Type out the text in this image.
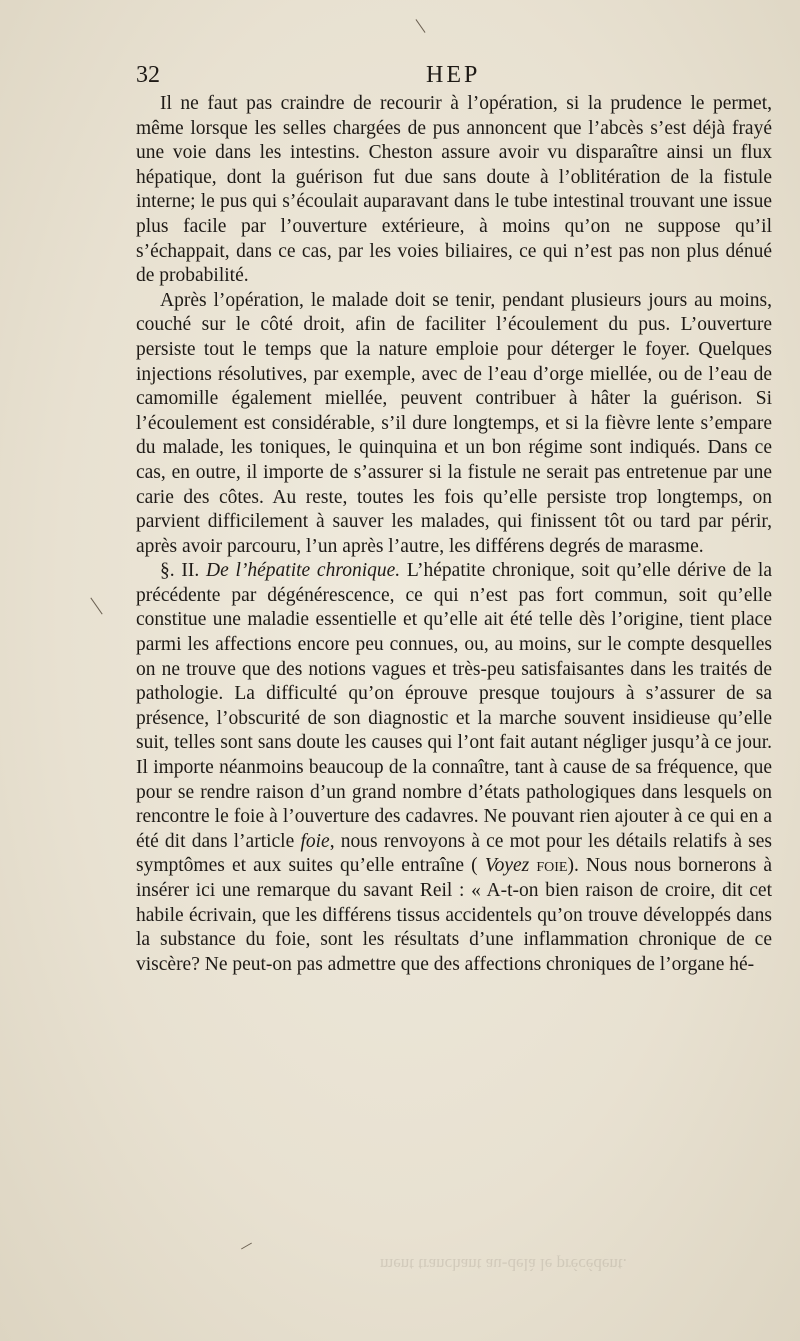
32	HEP

Il ne faut pas craindre de recourir à l’opération, si la prudence le permet, même lorsque les selles chargées de pus annoncent que l’abcès s’est déjà frayé une voie dans les intestins. Cheston assure avoir vu disparaître ainsi un flux hépatique, dont la guérison fut due sans doute à l’oblitération de la fistule interne; le pus qui s’écoulait auparavant dans le tube intestinal trouvant une issue plus facile par l’ouverture extérieure, à moins qu’on ne suppose qu’il s’échappait, dans ce cas, par les voies biliaires, ce qui n’est pas non plus dénué de probabilité.

Après l’opération, le malade doit se tenir, pendant plusieurs jours au moins, couché sur le côté droit, afin de faciliter l’écoulement du pus. L’ouverture persiste tout le temps que la nature emploie pour déterger le foyer. Quelques injections résolutives, par exemple, avec de l’eau d’orge miellée, ou de l’eau de camomille également miellée, peuvent contribuer à hâter la guérison. Si l’écoulement est considérable, s’il dure longtemps, et si la fièvre lente s’empare du malade, les toniques, le quinquina et un bon régime sont indiqués. Dans ce cas, en outre, il importe de s’assurer si la fistule ne serait pas entretenue par une carie des côtes. Au reste, toutes les fois qu’elle persiste trop longtemps, on parvient difficilement à sauver les malades, qui finissent tôt ou tard par périr, après avoir parcouru, l’un après l’autre, les différens degrés de marasme.

§. II. De l’hépatite chronique. L’hépatite chronique, soit qu’elle dérive de la précédente par dégénérescence, ce qui n’est pas fort commun, soit qu’elle constitue une maladie essentielle et qu’elle ait été telle dès l’origine, tient place parmi les affections encore peu connues, ou, au moins, sur le compte desquelles on ne trouve que des notions vagues et très-peu satisfaisantes dans les traités de pathologie. La difficulté qu’on éprouve presque toujours à s’assurer de sa présence, l’obscurité de son diagnostic et la marche souvent insidieuse qu’elle suit, telles sont sans doute les causes qui l’ont fait autant négliger jusqu’à ce jour. Il importe néanmoins beaucoup de la connaître, tant à cause de sa fréquence, que pour se rendre raison d’un grand nombre d’états pathologiques dans lesquels on rencontre le foie à l’ouverture des cadavres. Ne pouvant rien ajouter à ce qui en a été dit dans l’article foie, nous renvoyons à ce mot pour les détails relatifs à ses symptômes et aux suites qu’elle entraîne ( Voyez foie). Nous nous bornerons à insérer ici une remarque du savant Reil : « A-t-on bien raison de croire, dit cet habile écrivain, que les différens tissus accidentels qu’on trouve développés dans la substance du foie, sont les résultats d’une inflammation chronique de ce viscère? Ne peut-on pas admettre que des affections chroniques de l’organe hé-

ment tranchant au-delà le précédent.
